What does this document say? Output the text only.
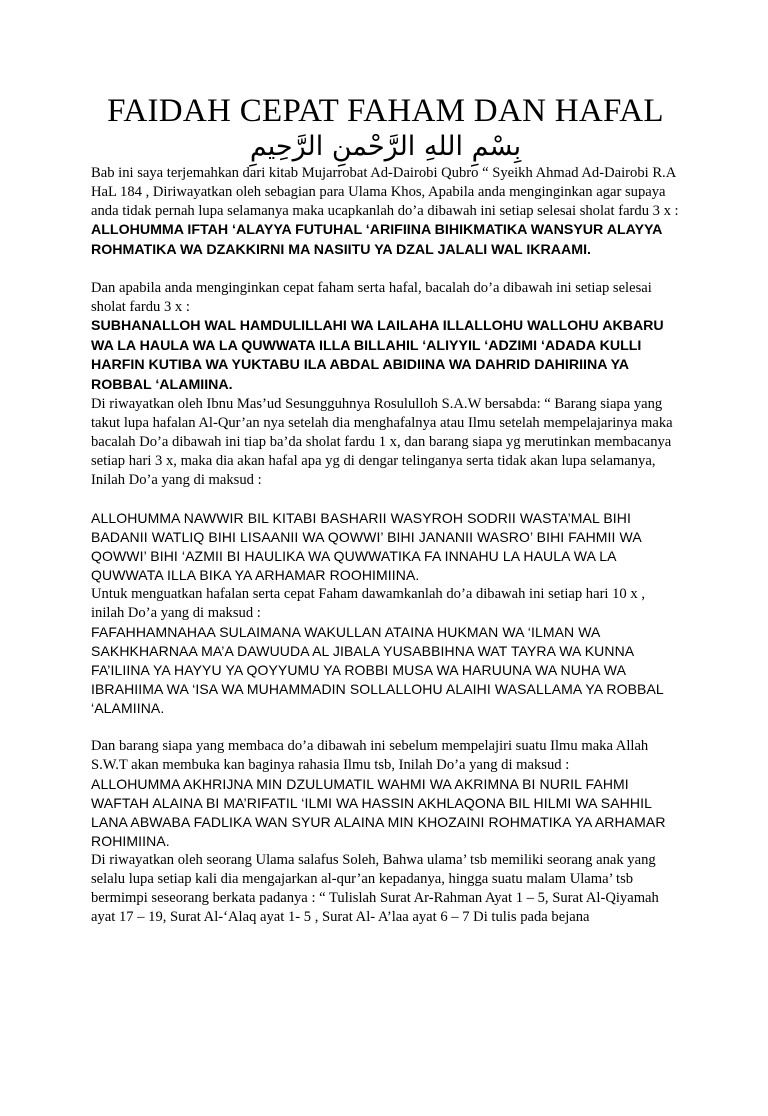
FAIDAH CEPAT FAHAM DAN HAFAL
بِسْمِ اللهِ الرَّحْمنِ الرَّحِيمِ

Bab ini saya terjemahkan dari kitab Mujarrobat Ad-Dairobi Qubro “ Syeikh Ahmad Ad-Dairobi R.A HaL 184 , Diriwayatkan oleh sebagian para Ulama Khos, Apabila anda menginginkan agar supaya anda tidak pernah lupa selamanya maka ucapkanlah do’a dibawah ini setiap selesai sholat fardu 3 x :

ALLOHUMMA IFTAH ‘ALAYYA FUTUHAL ‘ARIFIINA BIHIKMATIKA WANSYUR ALAYYA ROHMATIKA WA DZAKKIRNI MA NASIITU YA DZAL JALALI WAL IKRAAMI.

Dan apabila anda menginginkan cepat faham serta hafal, bacalah do’a dibawah ini setiap selesai sholat fardu 3 x :

SUBHANALLOH WAL HAMDULILLAHI WA LAILAHA ILLALLOHU WALLOHU AKBARU WA LA HAULA WA LA QUWWATA ILLA BILLAHIL ‘ALIYYIL ‘ADZIMI ‘ADADA KULLI HARFIN KUTIBA WA YUKTABU ILA ABDAL ABIDIINA WA DAHRID DAHIRIINA YA ROBBAL ‘ALAMIINA.

Di riwayatkan oleh Ibnu Mas’ud Sesungguhnya Rosululloh S.A.W bersabda: “ Barang siapa yang takut lupa hafalan Al-Qur’an nya setelah dia menghafalnya atau Ilmu setelah mempelajarinya maka bacalah Do’a dibawah ini tiap ba’da sholat fardu 1 x, dan barang siapa yg merutinkan membacanya setiap hari 3 x, maka dia akan hafal apa yg di dengar telinganya serta tidak akan lupa selamanya, Inilah Do’a yang di maksud :

ALLOHUMMA NAWWIR BIL KITABI BASHARII WASYROH SODRII WASTA’MAL BIHI BADANII WATLIQ BIHI LISAANII WA QOWWI’ BIHI JANANII WASRO’ BIHI FAHMII WA QOWWI’ BIHI ‘AZMII BI HAULIKA WA QUWWATIKA FA INNAHU LA HAULA WA LA QUWWATA ILLA BIKA YA ARHAMAR ROOHIMIINA.

Untuk menguatkan hafalan serta cepat Faham dawamkanlah do’a dibawah ini setiap hari 10 x , inilah Do’a yang di maksud :

FAFAHHAMNAHAA SULAIMANA WAKULLAN ATAINA HUKMAN WA ‘ILMAN WA SAKHKHARNAA MA’A DAWUUDA AL JIBALA YUSABBIHNA WAT TAYRA WA KUNNA FA’ILIINA YA HAYYU YA QOYYUMU YA ROBBI MUSA WA HARUUNA WA NUHA WA IBRAHIIMA WA ‘ISA WA MUHAMMADIN SOLLALLOHU ALAIHI WASALLAMA YA ROBBAL ‘ALAMIINA.

Dan barang siapa yang membaca do’a dibawah ini sebelum mempelajiri suatu Ilmu maka Allah S.W.T akan membuka kan baginya rahasia Ilmu tsb, Inilah Do’a yang di maksud :

ALLOHUMMA AKHRIJNA MIN DZULUMATIL WAHMI WA AKRIMNA BI NURIL FAHMI WAFTAH ALAINA BI MA’RIFATIL ‘ILMI WA HASSIN AKHLAQONA BIL HILMI WA SAHHIL LANA ABWABA FADLIKA WAN SYUR ALAINA MIN KHOZAINI ROHMATIKA YA ARHAMAR ROHIMIINA.

Di riwayatkan oleh seorang Ulama salafus Soleh, Bahwa ulama’ tsb memiliki seorang anak yang selalu lupa setiap kali dia mengajarkan al-qur’an kepadanya, hingga suatu malam Ulama’ tsb bermimpi seseorang berkata padanya : “ Tulislah Surat Ar-Rahman Ayat 1 – 5, Surat Al-Qiyamah ayat 17 – 19, Surat Al-‘Alaq ayat 1- 5 , Surat Al- A’laa ayat 6 – 7 Di tulis pada bejana
